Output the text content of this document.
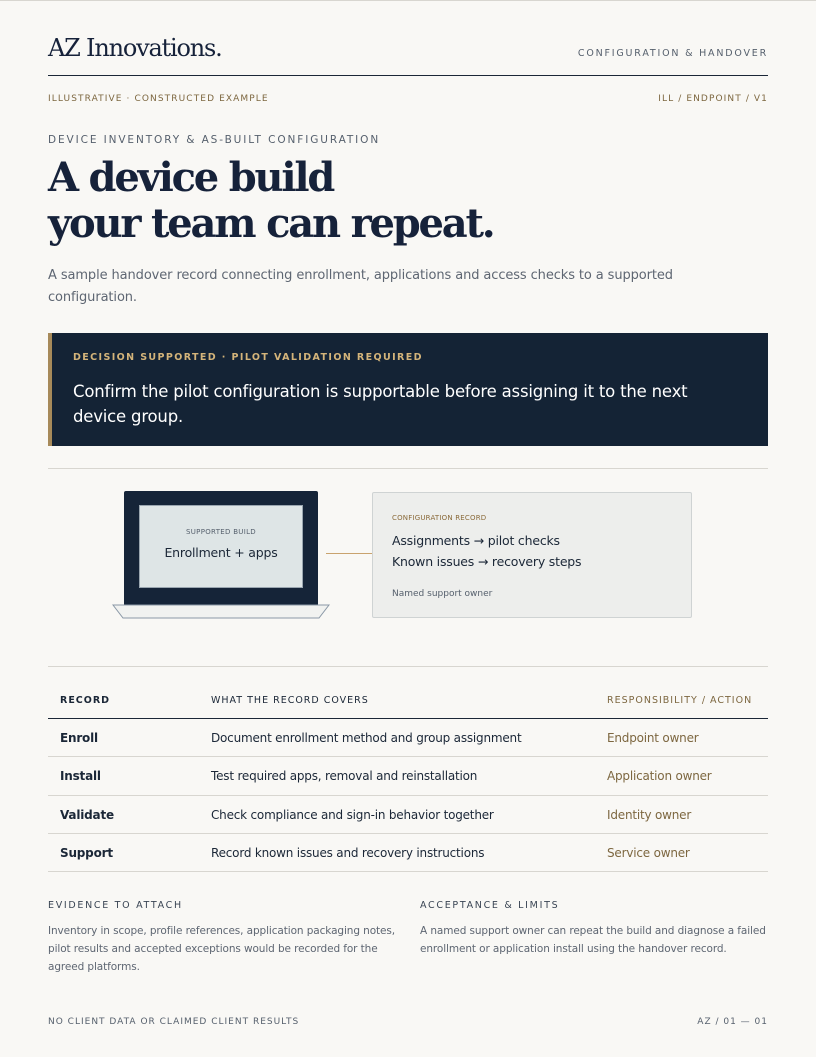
AZ Innovations.	CONFIGURATION & HANDOVER
ILLUSTRATIVE · CONSTRUCTED EXAMPLE	ILL / ENDPOINT / V1
DEVICE INVENTORY & AS-BUILT CONFIGURATION
A device build
your team can repeat.

A sample handover record connecting enrollment, applications and access checks to a supported configuration.

DECISION SUPPORTED · PILOT VALIDATION REQUIRED
Confirm the pilot configuration is supportable before assigning it to the next device group.
SUPPORTED BUILD
Enrollment + apps
CONFIGURATION RECORD
Assignments → pilot checks
Known issues → recovery steps
Named support owner
RECORD	WHAT THE RECORD COVERS	RESPONSIBILITY / ACTION
Enroll	Document enrollment method and group assignment	Endpoint owner
Install	Test required apps, removal and reinstallation	Application owner
Validate	Check compliance and sign-in behavior together	Identity owner
Support	Record known issues and recovery instructions	Service owner
EVIDENCE TO ATTACH

Inventory in scope, profile references, application packaging notes, pilot results and accepted exceptions would be recorded for the agreed platforms.

ACCEPTANCE & LIMITS

A named support owner can repeat the build and diagnose a failed enrollment or application install using the handover record.

NO CLIENT DATA OR CLAIMED CLIENT RESULTS	AZ / 01 — 01
